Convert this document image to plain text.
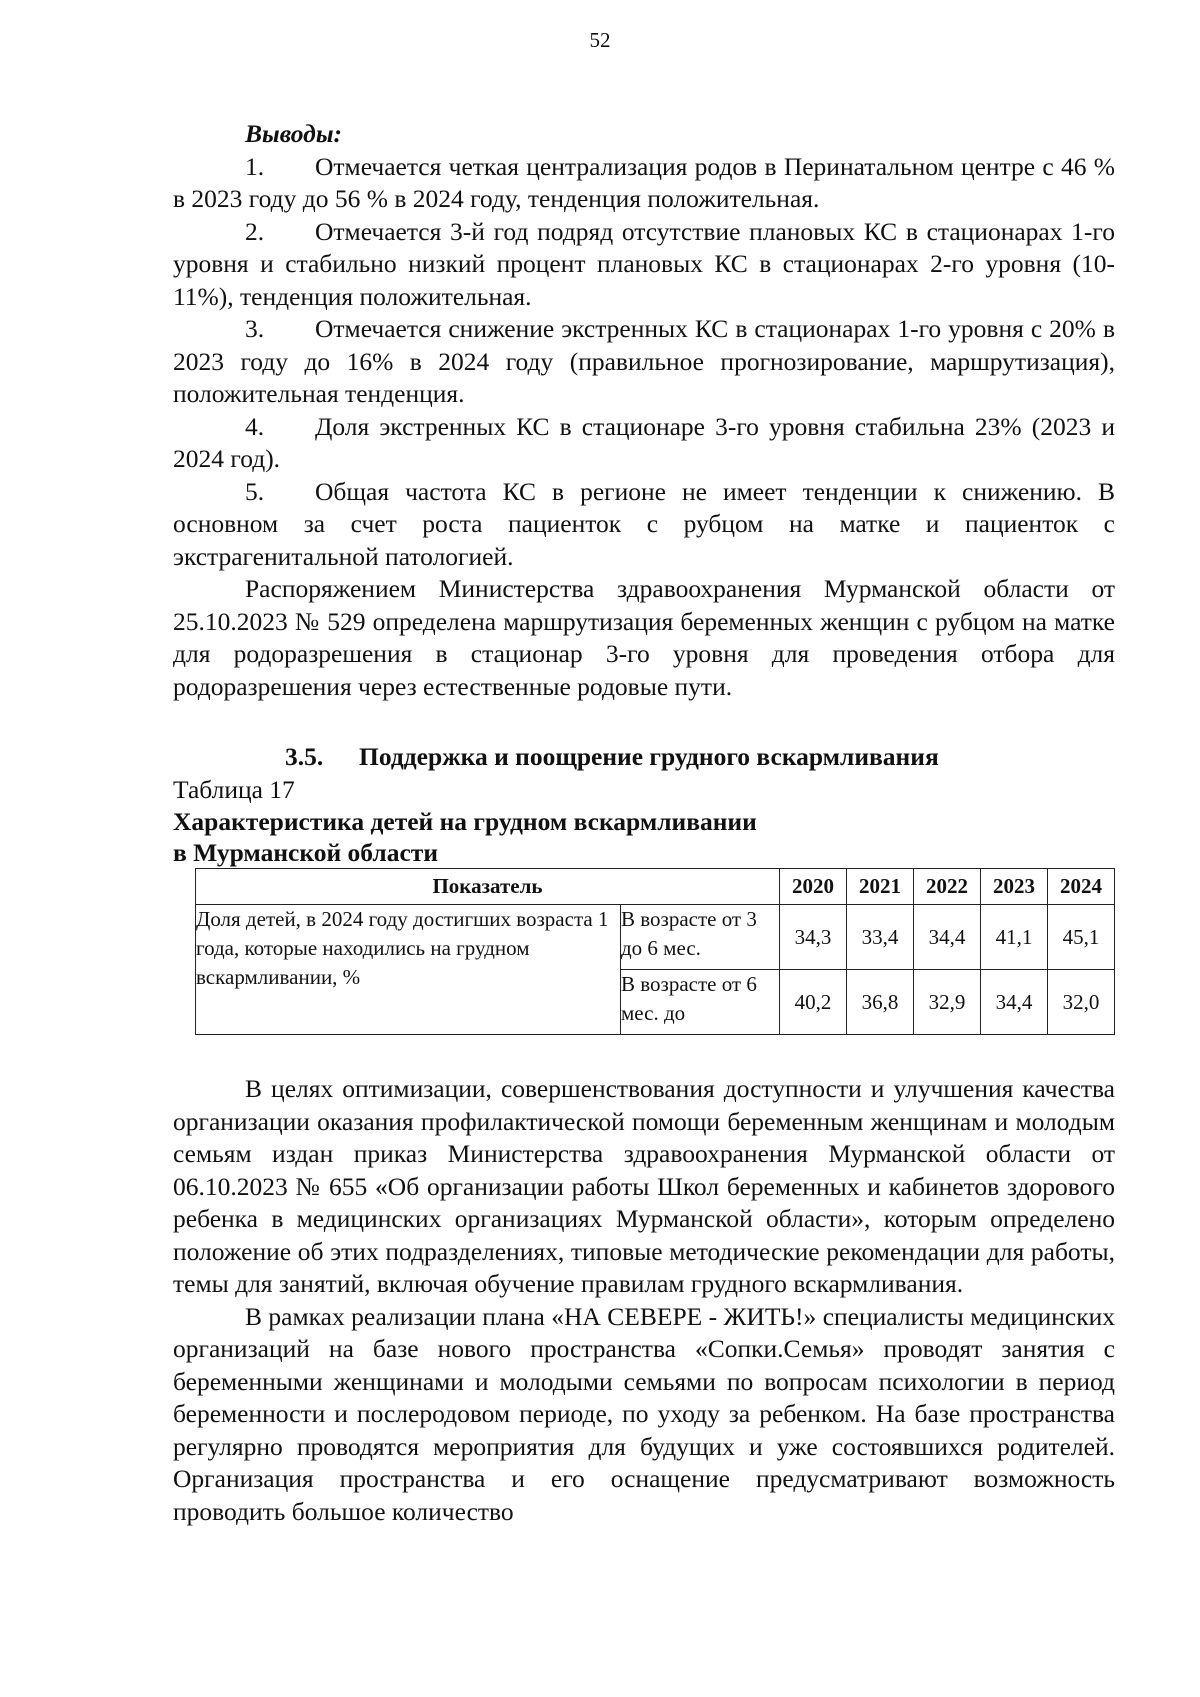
52

Выводы:

1. Отмечается четкая централизация родов в Перинатальном центре с 46 % в 2023 году до 56 % в 2024 году, тенденция положительная.

2. Отмечается 3-й год подряд отсутствие плановых КС в стационарах 1-го уровня и стабильно низкий процент плановых КС в стационарах 2-го уровня (10-11%), тенденция положительная.

3. Отмечается снижение экстренных КС в стационарах 1-го уровня с 20% в 2023 году до 16% в 2024 году (правильное прогнозирование, маршрутизация), положительная тенденция.

4. Доля экстренных КС в стационаре 3-го уровня стабильна 23% (2023 и 2024 год).

5. Общая частота КС в регионе не имеет тенденции к снижению. В основном за счет роста пациенток с рубцом на матке и пациенток с экстрагенитальной патологией.

Распоряжением Министерства здравоохранения Мурманской области от 25.10.2023 № 529 определена маршрутизация беременных женщин с рубцом на матке для родоразрешения в стационар 3-го уровня для проведения отбора для родоразрешения через естественные родовые пути.

3.5. Поддержка и поощрение грудного вскармливания

Таблица 17

Характеристика детей на грудном вскармливании

в Мурманской области

Показатель		2020	2021	2022	2023	2024
Доля детей, в 2024 году достигших возраста 1 года, которые находились на грудном вскармливании, %	В возрасте от 3 до 6 мес.	34,3	33,4	34,4	41,1	45,1
	В возрасте от 6 мес. до	40,2	36,8	32,9	34,4	32,0

В целях оптимизации, совершенствования доступности и улучшения качества организации оказания профилактической помощи беременным женщинам и молодым семьям издан приказ Министерства здравоохранения Мурманской области от 06.10.2023 № 655 «Об организации работы Школ беременных и кабинетов здорового ребенка в медицинских организациях Мурманской области», которым определено положение об этих подразделениях, типовые методические рекомендации для работы, темы для занятий, включая обучение правилам грудного вскармливания.

В рамках реализации плана «НА СЕВЕРЕ - ЖИТЬ!» специалисты медицинских организаций на базе нового пространства «Сопки.Семья» проводят занятия с беременными женщинами и молодыми семьями по вопросам психологии в период беременности и послеродовом периоде, по уходу за ребенком. На базе пространства регулярно проводятся мероприятия для будущих и уже состоявшихся родителей. Организация пространства и его оснащение предусматривают возможность проводить большое количество
